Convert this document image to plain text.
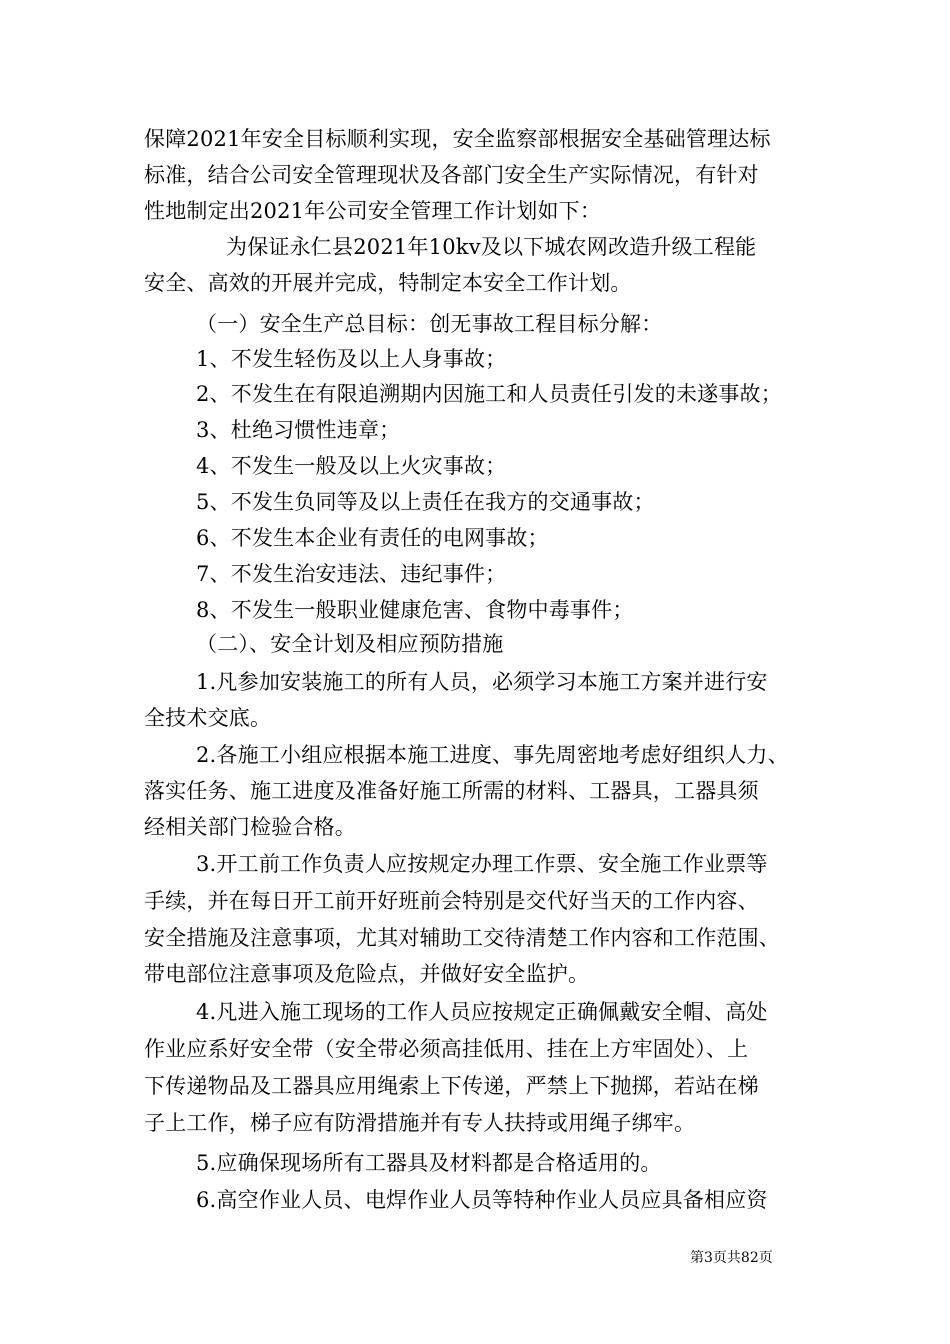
保障2021年安全目标顺利实现，安全监察部根据安全基础管理达标
标准，结合公司安全管理现状及各部门安全生产实际情况，有针对
性地制定出2021年公司安全管理工作计划如下：
为保证永仁县2021年10kv及以下城农网改造升级工程能
安全、高效的开展并完成，特制定本安全工作计划。
（一）安全生产总目标：创无事故工程目标分解：
1、不发生轻伤及以上人身事故；
2、不发生在有限追溯期内因施工和人员责任引发的未遂事故；
3、杜绝习惯性违章；
4、不发生一般及以上火灾事故；
5、不发生负同等及以上责任在我方的交通事故；
6、不发生本企业有责任的电网事故；
7、不发生治安违法、违纪事件；
8、不发生一般职业健康危害、食物中毒事件；
（二）、安全计划及相应预防措施
1.凡参加安装施工的所有人员，必须学习本施工方案并进行安
全技术交底。
2.各施工小组应根据本施工进度、事先周密地考虑好组织人力、
落实任务、施工进度及准备好施工所需的材料、工器具，工器具须
经相关部门检验合格。
3.开工前工作负责人应按规定办理工作票、安全施工作业票等
手续，并在每日开工前开好班前会特别是交代好当天的工作内容、
安全措施及注意事项，尤其对辅助工交待清楚工作内容和工作范围、
带电部位注意事项及危险点，并做好安全监护。
4.凡进入施工现场的工作人员应按规定正确佩戴安全帽、高处
作业应系好安全带（安全带必须高挂低用、挂在上方牢固处）、上
下传递物品及工器具应用绳索上下传递，严禁上下抛掷，若站在梯
子上工作，梯子应有防滑措施并有专人扶持或用绳子绑牢。
5.应确保现场所有工器具及材料都是合格适用的。
6.高空作业人员、电焊作业人员等特种作业人员应具备相应资
第3页共82页
